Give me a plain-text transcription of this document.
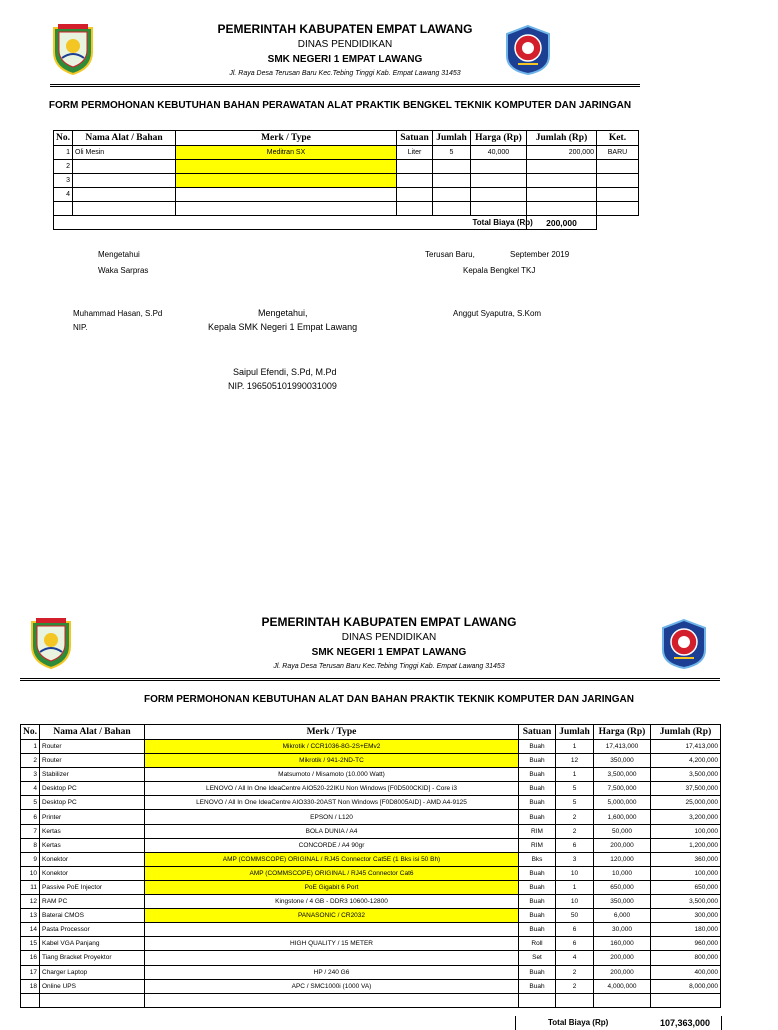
PEMERINTAH KABUPATEN EMPAT LAWANG
DINAS PENDIDIKAN
SMK NEGERI 1 EMPAT LAWANG
Jl. Raya Desa Terusan Baru Kec.Tebing Tinggi Kab. Empat Lawang 31453
FORM PERMOHONAN KEBUTUHAN BAHAN PERAWATAN ALAT PRAKTIK BENGKEL TEKNIK KOMPUTER DAN JARINGAN
No.	Nama Alat / Bahan	Merk / Type	Satuan	Jumlah	Harga (Rp)	Jumlah (Rp)	Ket.
1	Oli Mesin	Meditran SX	Liter	5	40,000	200,000	BARU
2							
3							
4							

					Total Biaya (Rp)	200,000	
Mengetahui
Waka Sarpras
Terusan Baru,	September 2019
Kepala Bengkel TKJ
Muhammad Hasan, S.Pd
NIP.
Mengetahui,
Kepala SMK Negeri 1 Empat Lawang
Anggut Syaputra, S.Kom
Saipul Efendi, S.Pd, M.Pd
NIP. 196505101990031009
PEMERINTAH KABUPATEN EMPAT LAWANG
DINAS PENDIDIKAN
SMK NEGERI 1 EMPAT LAWANG
Jl. Raya Desa Terusan Baru Kec.Tebing Tinggi Kab. Empat Lawang 31453
FORM PERMOHONAN KEBUTUHAN ALAT DAN BAHAN PRAKTIK TEKNIK KOMPUTER DAN JARINGAN
No.	Nama Alat / Bahan	Merk / Type	Satuan	Jumlah	Harga (Rp)	Jumlah (Rp)
1	Router	Mikrotik / CCR1036-8G-2S+EMv2	Buah	1	17,413,000	17,413,000
2	Router	Mikrotik / 941-2ND-TC	Buah	12	350,000	4,200,000
3	Stabilizer	Matsumoto / Misamoto (10.000 Watt)	Buah	1	3,500,000	3,500,000
4	Desktop PC	LENOVO / All In One IdeaCentre AIO520-22IKU Non Windows [F0D500CKID] - Core i3	Buah	5	7,500,000	37,500,000
5	Desktop PC	LENOVO / All In One IdeaCentre AIO330-20AST Non Windows [F0D8005AID] - AMD A4-9125	Buah	5	5,000,000	25,000,000
6	Printer	EPSON / L120	Buah	2	1,600,000	3,200,000
7	Kertas	BOLA DUNIA / A4	RIM	2	50,000	100,000
8	Kertas	CONCORDE / A4 90gr	RIM	6	200,000	1,200,000
9	Konektor	AMP (COMMSCOPE) ORIGINAL / RJ45 Connector Cat5E (1 Bks isi 50 Bh)	Bks	3	120,000	360,000
10	Konektor	AMP (COMMSCOPE) ORIGINAL / RJ45 Connector Cat6	Buah	10	10,000	100,000
11	Passive PoE Injector	PoE Gigabit 6 Port	Buah	1	650,000	650,000
12	RAM PC	Kingstone / 4 GB - DDR3 10600-12800	Buah	10	350,000	3,500,000
13	Baterai CMOS	PANASONIC / CR2032	Buah	50	6,000	300,000
14	Pasta Processor		Buah	6	30,000	180,000
15	Kabel VGA Panjang	HIGH QUALITY / 15 METER	Roll	6	160,000	960,000
16	Tiang Bracket Proyektor		Set	4	200,000	800,000
17	Charger Laptop	HP / 240 G6	Buah	2	200,000	400,000
18	Online UPS	APC / SMC1000i (1000 VA)	Buah	2	4,000,000	8,000,000

Total Biaya (Rp)	107,363,000
